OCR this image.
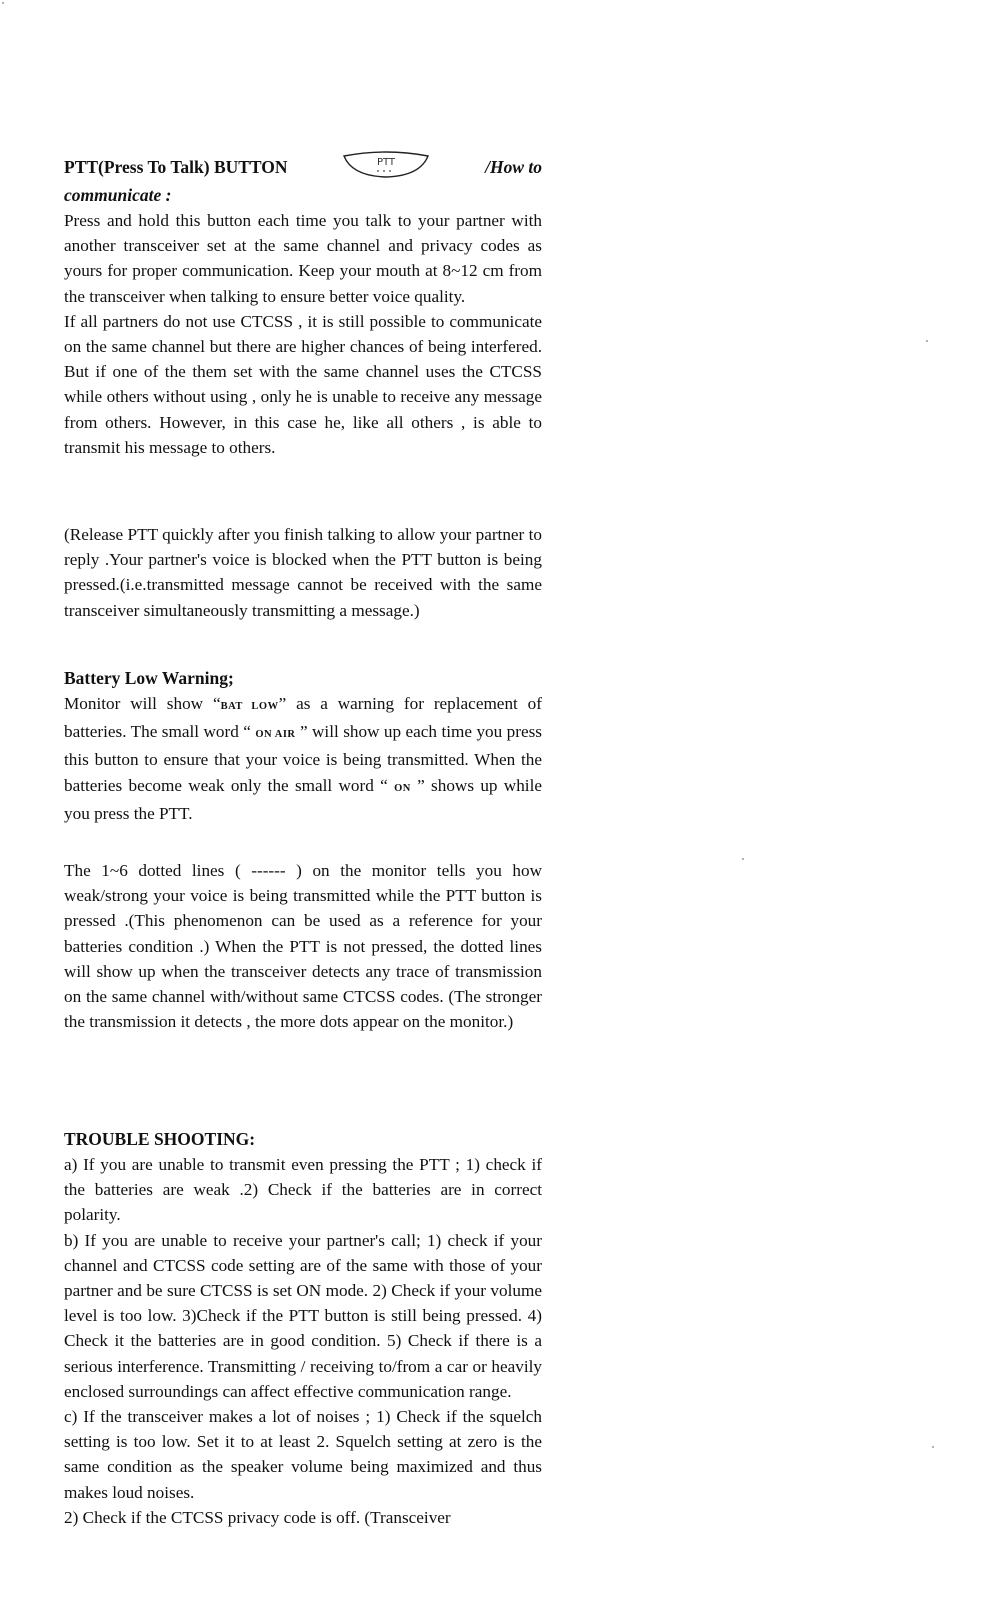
PTT(Press To Talk) BUTTON	PTT	/How to
communicate :

Press and hold this button each time you talk to your partner with another transceiver set at the same channel and privacy codes as yours for proper communication. Keep your mouth at 8~12 cm from the transceiver when talking to ensure better voice quality.

If all partners do not use CTCSS , it is still possible to communicate on the same channel but there are higher chances of being interfered. But if one of the them set with the same channel uses the CTCSS while others without using , only he is unable to receive any message from others. However, in this case he, like all others , is able to transmit his message to others.

(Release PTT quickly after you finish talking to allow your partner to reply .Your partner's voice is blocked when the PTT button is being pressed.(i.e.transmitted message cannot be received with the same transceiver simultaneously transmitting a message.)

Battery Low Warning;

Monitor will show “BAT LOW” as a warning for replacement of batteries. The small word “ ON AIR ” will show up each time you press this button to ensure that your voice is being transmitted. When the batteries become weak only the small word “ ON ” shows up while you press the PTT.

The 1~6 dotted lines ( ------ ) on the monitor tells you how weak/strong your voice is being transmitted while the PTT button is pressed .(This phenomenon can be used as a reference for your batteries condition .) When the PTT is not pressed, the dotted lines will show up when the transceiver detects any trace of transmission on the same channel with/without same CTCSS codes. (The stronger the transmission it detects , the more dots appear on the monitor.)

TROUBLE SHOOTING:

a) If you are unable to transmit even pressing the PTT ; 1) check if the batteries are weak .2) Check if the batteries are in correct polarity.

b) If you are unable to receive your partner's call; 1) check if your channel and CTCSS code setting are of the same with those of your partner and be sure CTCSS is set ON mode. 2) Check if your volume level is too low. 3)Check if the PTT button is still being pressed. 4) Check it the batteries are in good condition. 5) Check if there is a serious interference. Transmitting / receiving to/from a car or heavily enclosed surroundings can affect effective communication range.

c) If the transceiver makes a lot of noises ; 1) Check if the squelch setting is too low. Set it to at least 2. Squelch setting at zero is the same condition as the speaker volume being maximized and thus makes loud noises.

2) Check if the CTCSS privacy code is off. (Transceiver
